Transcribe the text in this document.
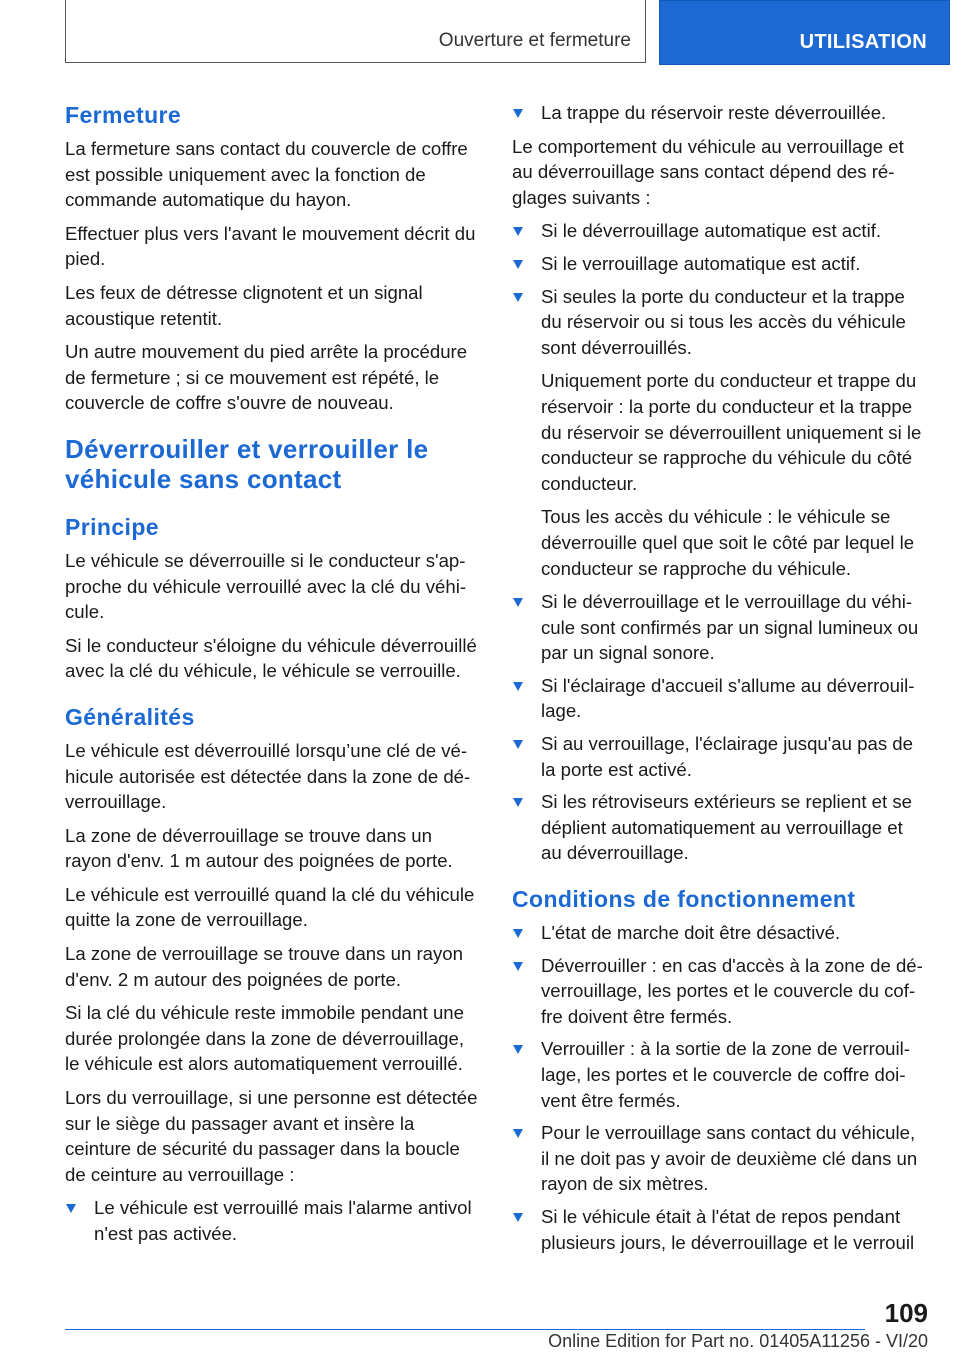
Ouverture et fermeture	UTILISATION
Fermeture

La fermeture sans contact du couvercle de coffre est possible uniquement avec la fonction de commande automatique du hayon.

Effectuer plus vers l'avant le mouvement décrit du pied.

Les feux de détresse clignotent et un signal acoustique retentit.

Un autre mouvement du pied arrête la procédure de fermeture ; si ce mouvement est répété, le couvercle de coffre s'ouvre de nouveau.

Déverrouiller et verrouiller le véhicule sans contact
Principe

Le véhicule se déverrouille si le conducteur s'approche du véhicule verrouillé avec la clé du véhicule.

Si le conducteur s'éloigne du véhicule déverrouillé avec la clé du véhicule, le véhicule se verrouille.

Généralités

Le véhicule est déverrouillé lorsqu’une clé de véhicule autorisée est détectée dans la zone de déverrouillage.

La zone de déverrouillage se trouve dans un rayon d'env. 1 m autour des poignées de porte.

Le véhicule est verrouillé quand la clé du véhicule quitte la zone de verrouillage.

La zone de verrouillage se trouve dans un rayon d'env. 2 m autour des poignées de porte.

Si la clé du véhicule reste immobile pendant une durée prolongée dans la zone de déverrouillage, le véhicule est alors automatiquement verrouillé.

Lors du verrouillage, si une personne est détectée sur le siège du passager avant et insère la ceinture de sécurité du passager dans la boucle de ceinture au verrouillage :

Le véhicule est verrouillé mais l'alarme antivol n'est pas activée.
La trappe du réservoir reste déverrouillée.

Le comportement du véhicule au verrouillage et au déverrouillage sans contact dépend des réglages suivants :

Si le déverrouillage automatique est actif.
Si le verrouillage automatique est actif.
Si seules la porte du conducteur et la trappe du réservoir ou si tous les accès du véhicule sont déverrouillés.

Uniquement porte du conducteur et trappe du réservoir : la porte du conducteur et la trappe du réservoir se déverrouillent uniquement si le conducteur se rapproche du véhicule du côté conducteur.

Tous les accès du véhicule : le véhicule se déverrouille quel que soit le côté par lequel le conducteur se rapproche du véhicule.

Si le déverrouillage et le verrouillage du véhicule sont confirmés par un signal lumineux ou par un signal sonore.
Si l'éclairage d'accueil s'allume au déverrouillage.
Si au verrouillage, l'éclairage jusqu'au pas de la porte est activé.
Si les rétroviseurs extérieurs se replient et se déplient automatiquement au verrouillage et au déverrouillage.
Conditions de fonctionnement
L'état de marche doit être désactivé.
Déverrouiller : en cas d'accès à la zone de déverrouillage, les portes et le couvercle du coffre doivent être fermés.
Verrouiller : à la sortie de la zone de verrouillage, les portes et le couvercle de coffre doivent être fermés.
Pour le verrouillage sans contact du véhicule, il ne doit pas y avoir de deuxième clé dans un rayon de six mètres.
Si le véhicule était à l'état de repos pendant plusieurs jours, le déverrouillage et le verrouil
109
Online Edition for Part no. 01405A11256 - VI/20
